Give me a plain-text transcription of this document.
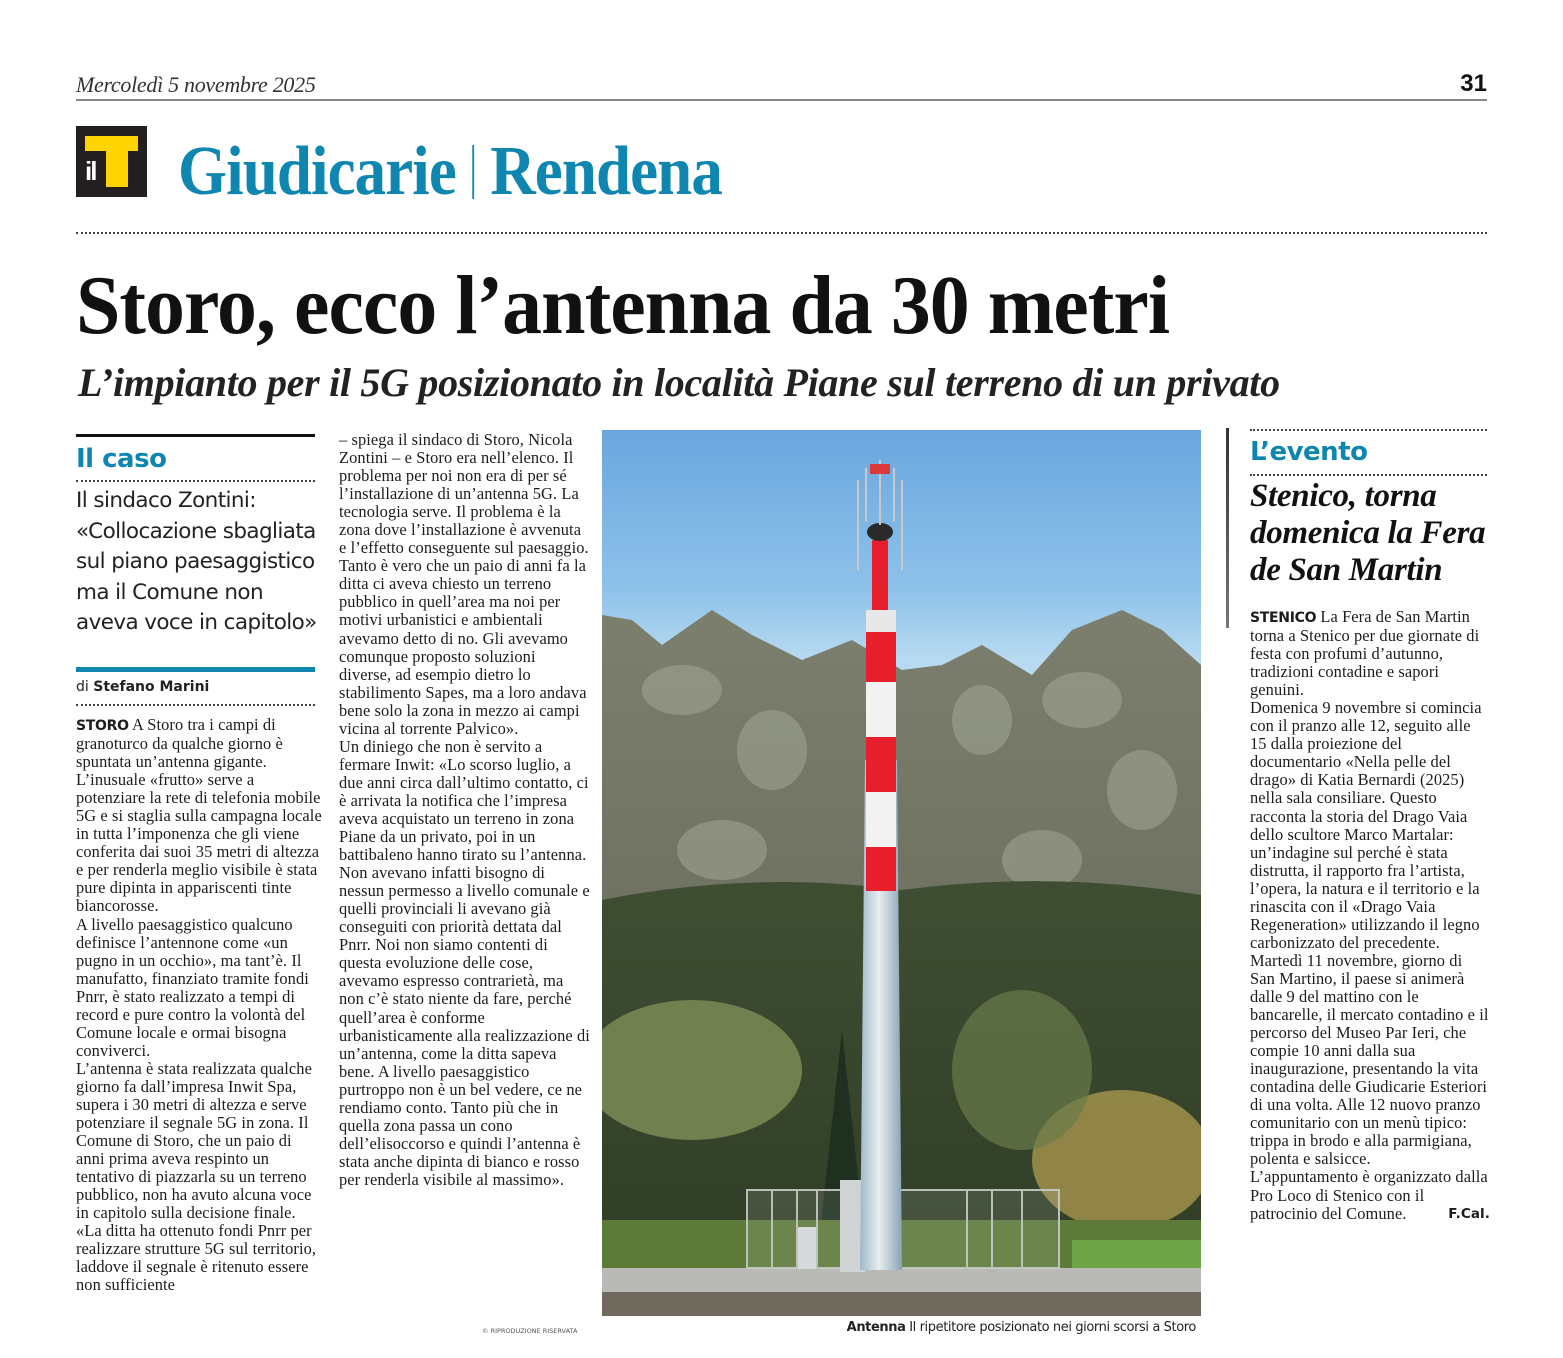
Mercoledì 5 novembre 2025	31
il Giudicarie Rendena
Storo, ecco l’antenna da 30 metri
L’impianto per il 5G posizionato in località Piane sul terreno di un privato
Il caso
Il sindaco Zontini:
«Collocazione sbagliata
sul piano paesaggistico
ma il Comune non
aveva voce in capitolo»
di Stefano Marini

STORO A Storo tra i campi di granoturco da qualche giorno è spuntata un’antenna gigante.

L’inusuale «frutto» serve a potenziare la rete di telefonia mobile 5G e si staglia sulla campagna locale in tutta l’imponenza che gli viene conferita dai suoi 35 metri di altezza e per renderla meglio visibile è stata pure dipinta in appariscenti tinte biancorosse.

A livello paesaggistico qualcuno definisce l’antennone come «un pugno in un occhio», ma tant’è. Il manufatto, finanziato tramite fondi Pnrr, è stato realizzato a tempi di record e pure contro la volontà del Comune locale e ormai bisogna conviverci.

L’antenna è stata realizzata qualche giorno fa dall’impresa Inwit Spa, supera i 30 metri di altezza e serve potenziare il segnale 5G in zona. Il Comune di Storo, che un paio di anni prima aveva respinto un tentativo di piazzarla su un terreno pubblico, non ha avuto alcuna voce in capitolo sulla decisione finale.

«La ditta ha ottenuto fondi Pnrr per realizzare strutture 5G sul territorio, laddove il segnale è ritenuto essere non sufficiente

– spiega il sindaco di Storo, Nicola Zontini – e Storo era nell’elenco. Il problema per noi non era di per sé l’installazione di un’antenna 5G. La tecnologia serve. Il problema è la zona dove l’installazione è avvenuta e l’effetto conseguente sul paesaggio. Tanto è vero che un paio di anni fa la ditta ci aveva chiesto un terreno pubblico in quell’area ma noi per motivi urbanistici e ambientali avevamo detto di no. Gli avevamo comunque proposto soluzioni diverse, ad esempio dietro lo stabilimento Sapes, ma a loro andava bene solo la zona in mezzo ai campi vicina al torrente Palvico».

Un diniego che non è servito a fermare Inwit: «Lo scorso luglio, a due anni circa dall’ultimo contatto, ci è arrivata la notifica che l’impresa aveva acquistato un terreno in zona Piane da un privato, poi in un battibaleno hanno tirato su l’antenna. Non avevano infatti bisogno di nessun permesso a livello comunale e quelli provinciali li avevano già conseguiti con priorità dettata dal Pnrr. Noi non siamo contenti di questa evoluzione delle cose, avevamo espresso contrarietà, ma non c’è stato niente da fare, perché quell’area è conforme urbanisticamente alla realizzazione di un’antenna, come la ditta sapeva bene. A livello paesaggistico purtroppo non è un bel vedere, ce ne rendiamo conto. Tanto più che in quella zona passa un cono dell’elisoccorso e quindi l’antenna è stata anche dipinta di bianco e rosso per renderla visibile al massimo».

© RIPRODUZIONE RISERVATA	Antenna Il ripetitore posizionato nei giorni scorsi a Storo
L’evento
Stenico, torna domenica la Fera de San Martin

STENICO La Fera de San Martin torna a Stenico per due giornate di festa con profumi d’autunno, tradizioni contadine e sapori genuini.

Domenica 9 novembre si comincia con il pranzo alle 12, seguito alle 15 dalla proiezione del documentario «Nella pelle del drago» di Katia Bernardi (2025) nella sala consiliare. Questo racconta la storia del Drago Vaia dello scultore Marco Martalar: un’indagine sul perché è stata distrutta, il rapporto fra l’artista, l’opera, la natura e il territorio e la rinascita con il «Drago Vaia Regeneration» utilizzando il legno carbonizzato del precedente.

Martedì 11 novembre, giorno di San Martino, il paese si animerà dalle 9 del mattino con le bancarelle, il mercato contadino e il percorso del Museo Par Ieri, che compie 10 anni dalla sua inaugurazione, presentando la vita contadina delle Giudicarie Esteriori di una volta. Alle 12 nuovo pranzo comunitario con un menù tipico: trippa in brodo e alla parmigiana, polenta e salsicce.

L’appuntamento è organizzato dalla Pro Loco di Stenico con il patrocinio del Comune.	F.Cal.
